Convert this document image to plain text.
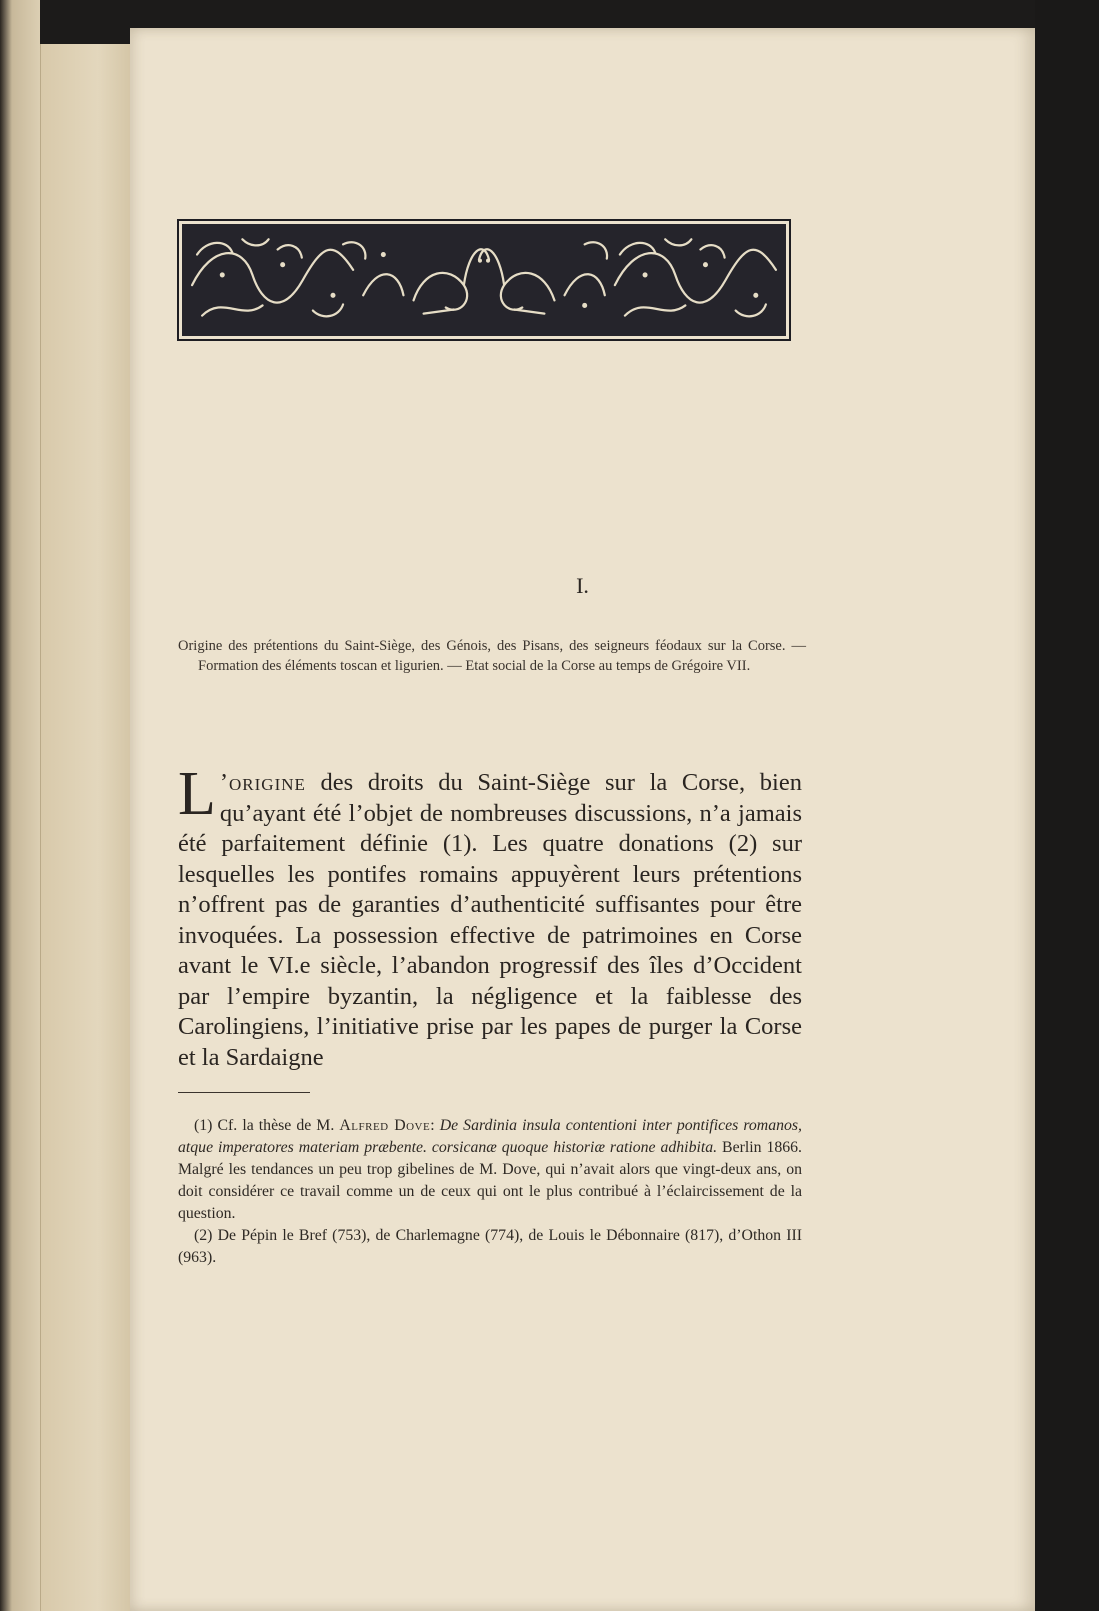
I.

Origine des prétentions du Saint-Siège, des Génois, des Pisans, des seigneurs féodaux sur la Corse. — Formation des éléments toscan et ligurien. — Etat social de la Corse au temps de Grégoire VII.

L ’origine des droits du Saint-Siège sur la Corse, bien qu’ayant été l’objet de nombreuses discussions, n’a jamais été parfaitement définie (1). Les quatre donations (2) sur lesquelles les pontifes romains appuyèrent leurs prétentions n’offrent pas de garanties d’authenticité suffisantes pour être invoquées. La possession effective de patrimoines en Corse avant le VI.e siècle, l’abandon progressif des îles d’Occident par l’empire byzantin, la négligence et la faiblesse des Carolingiens, l’initiative prise par les papes de purger la Corse et la Sardaigne

(1) Cf. la thèse de M. Alfred Dove: De Sardinia insula contentioni inter pontifices romanos, atque imperatores materiam præbente. corsicanæ quoque historiæ ratione adhibita. Berlin 1866. Malgré les tendances un peu trop gibelines de M. Dove, qui n’avait alors que vingt-deux ans, on doit considérer ce travail comme un de ceux qui ont le plus contribué à l’éclaircissement de la question.

(2) De Pépin le Bref (753), de Charlemagne (774), de Louis le Débonnaire (817), d’Othon III (963).
